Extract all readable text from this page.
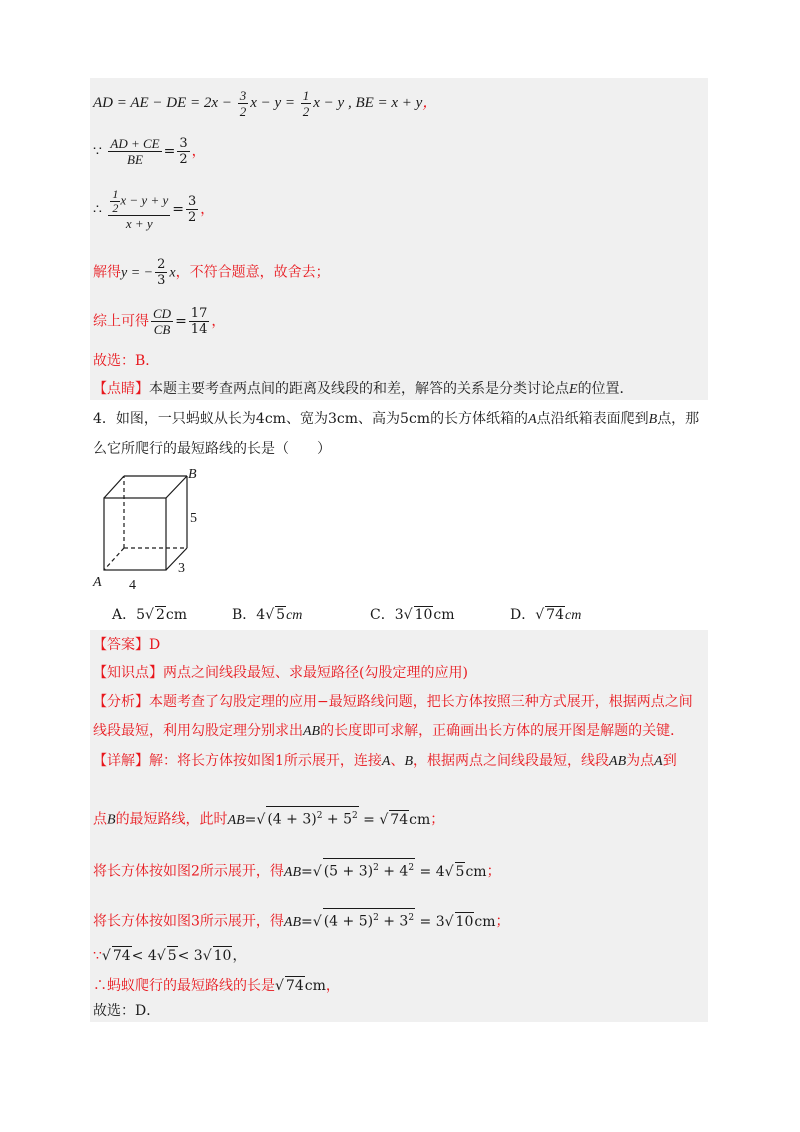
AD = AE − DE = $2x - \frac{3}{2}$ $x - y = \frac{1}{2}$ x − y , BE = x + y，
∵ $\frac{AD + CE}{BE} = \frac{3}{2}$ ，
∴ $\frac{\frac{1}{2} x - y + y}{x + y} = \frac{3}{2}$ ，
解得y = − $\frac{2}{3}$ x，不符合题意，故舍去；
综上可得 $\frac{CD}{CB} = \frac{17}{14}$ ，
故选：B．
【点睛】本题主要考查两点间的距离及线段的和差，解答的关系是分类讨论点E的位置．
4．如图，一只蚂蚁从长为4cm、宽为3cm、高为5cm的长方体纸箱的A点沿纸箱表面爬到B点，那
么它所爬行的最短路线的长是（　　）
A
B
4
3
5
A．5√ 2cm	B．4√ 5cm	C．3√ 10cm	D．√ 74cm
【答案】D
【知识点】两点之间线段最短、求最短路径(勾股定理的应用)
【分析】本题考查了勾股定理的应用−最短路线问题，把长方体按照三种方式展开，根据两点之间
线段最短，利用勾股定理分别求出AB的长度即可求解，正确画出长方体的展开图是解题的关键．
【详解】解：将长方体按如图1所示展开，连接A、B，根据两点之间线段最短，线段AB为点A到
点B的最短路线，此时AB=√ $(4 + 3)^2 + 5^2$ = √ 74cm；
将长方体按如图2所示展开，得AB=√ $(5 + 3)^2 + 4^2 = 4√$ 5cm；
将长方体按如图3所示展开，得AB=√ $(4 + 5)^2 + 3^2 = 3√$ 10cm；
∵√ 74< 4√ 5< 3√ 10，
∴蚂蚁爬行的最短路线的长是√ 74cm，
故选：D．
